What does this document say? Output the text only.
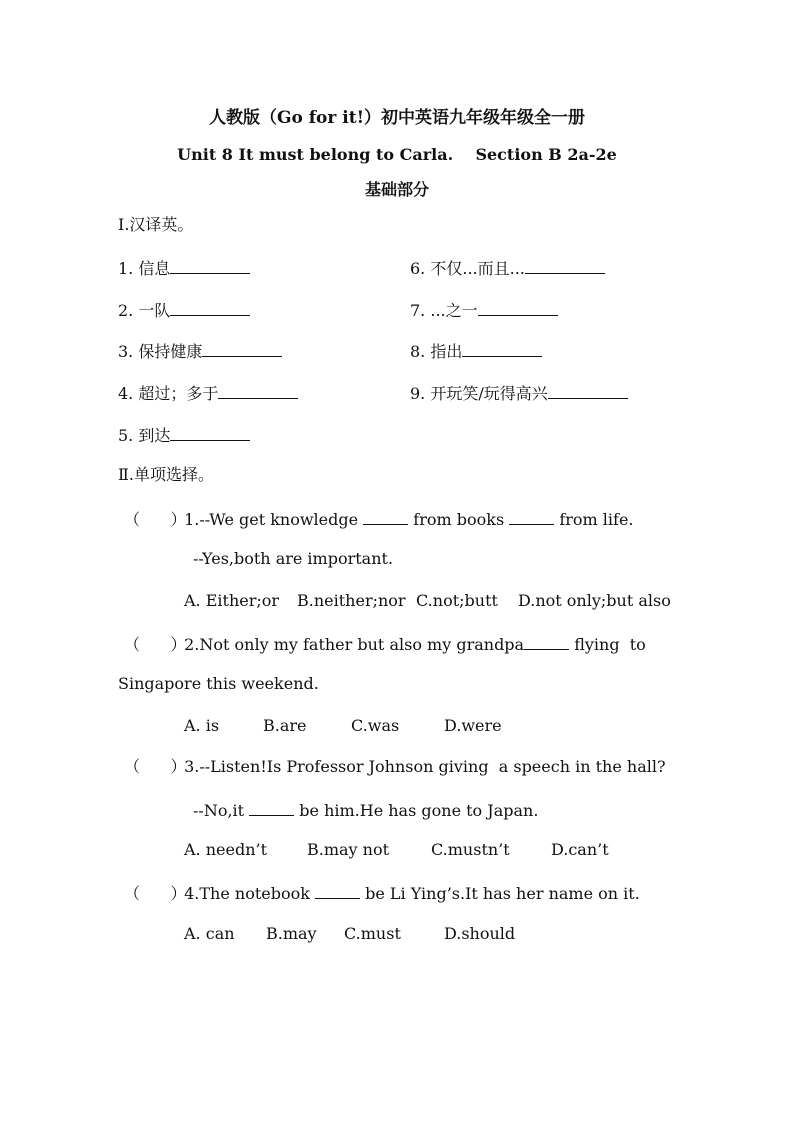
人教版（Go for it!）初中英语九年级年级全一册
Unit 8 It must belong to Carla.    Section B 2a-2e
基础部分
Ⅰ.汉译英。
1. 信息
2. 一队
3. 保持健康
4. 超过；多于
5. 到达
6. 不仅...而且...
7. ...之一
8. 指出
9. 开玩笑/玩得高兴
Ⅱ.单项选择。
（      ） 1.--We get knowledge	from books	from life.
--Yes,both are important.
A. Either;or B.neither;nor C.not;butt D.not only;but also
（      ） 2.Not only my father but also my grandpa	flying  to
Singapore this weekend.
A. is	B.are	C.was	D.were
（      ） 3.--Listen!Is Professor Johnson giving  a speech in the hall?
--No,it	be him.He has gone to Japan.
A. needn’t B.may not	C.mustn’t	D.can’t
（      ） 4.The notebook	be Li Ying’s.It has her name on it.
A. can B.may C.must	D.should
